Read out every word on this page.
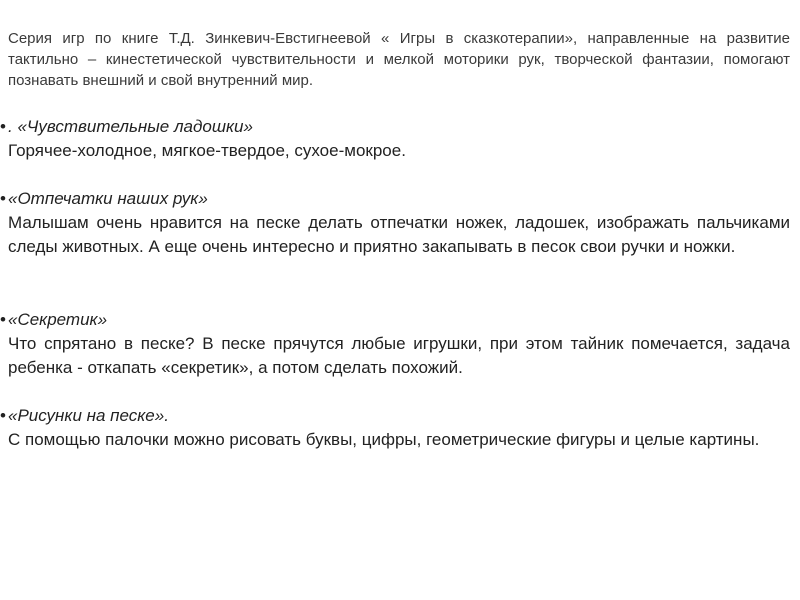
Серия игр по книге Т.Д. Зинкевич-Евстигнеевой « Игры в сказкотерапии», направленные на развитие тактильно – кинестетической чувствительности и мелкой моторики рук, творческой фантазии, помогают познавать внешний и свой внутренний мир.
• . «Чувствительные ладошки»
Горячее-холодное, мягкое-твердое, сухое-мокрое.
• «Отпечатки наших рук»
Малышам очень нравится на песке делать отпечатки ножек, ладошек, изображать пальчиками следы животных. А еще очень интересно и приятно закапывать в песок свои ручки и ножки.
• «Секретик»
Что спрятано в песке? В песке прячутся любые игрушки, при этом тайник помечается, задача ребенка - откапать «секретик», а потом сделать похожий.
• «Рисунки на песке».
С помощью палочки можно рисовать буквы, цифры, геометрические фигуры и целые картины.
